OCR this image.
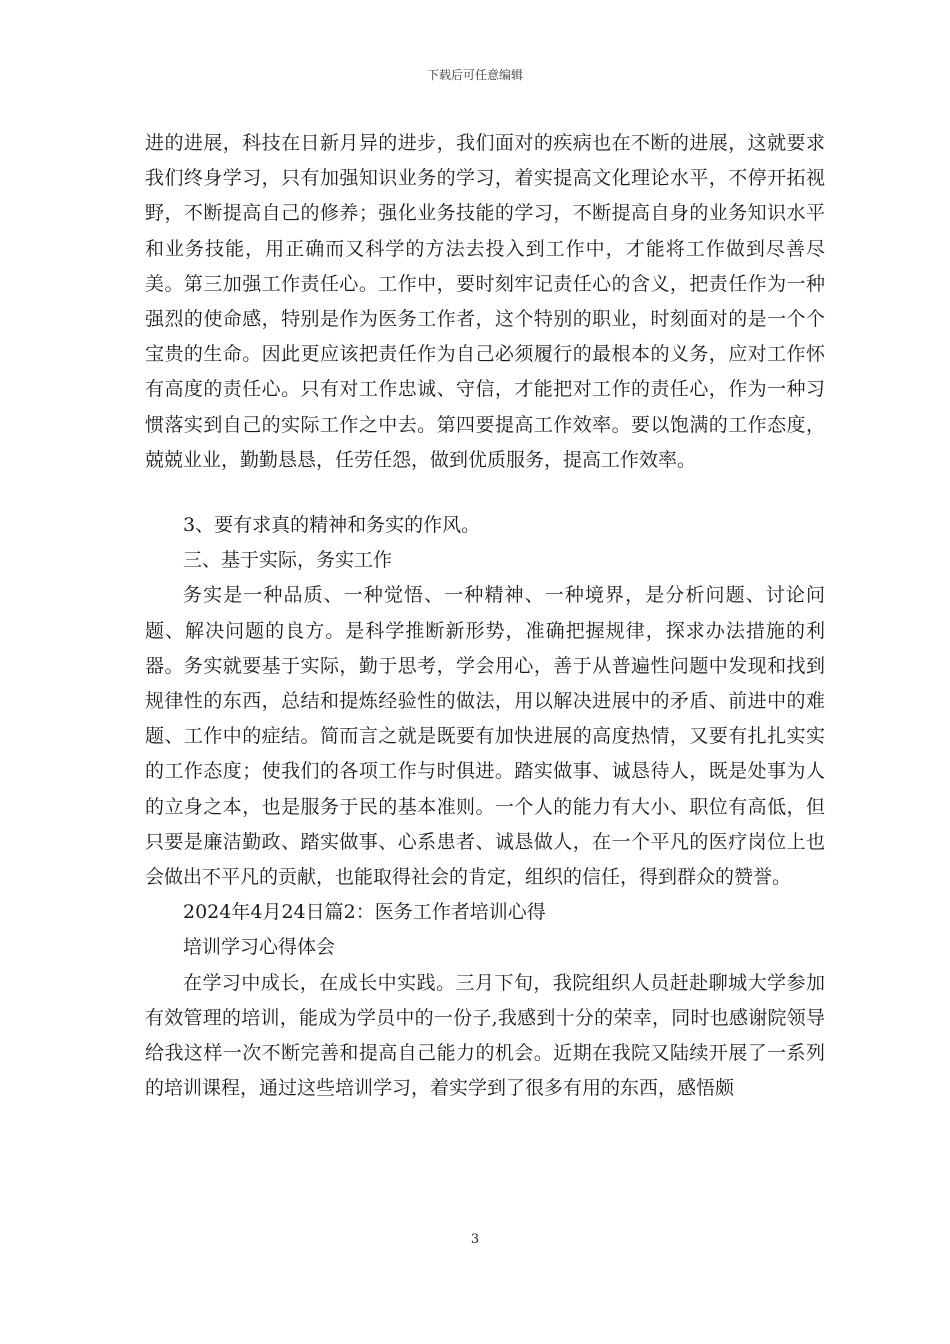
下载后可任意编辑

进的进展，科技在日新月异的进步，我们面对的疾病也在不断的进展，这就要求我们终身学习，只有加强知识业务的学习，着实提高文化理论水平，不停开拓视野，不断提高自己的修养；强化业务技能的学习，不断提高自身的业务知识水平和业务技能，用正确而又科学的方法去投入到工作中，才能将工作做到尽善尽美。第三加强工作责任心。工作中，要时刻牢记责任心的含义，把责任作为一种强烈的使命感，特别是作为医务工作者，这个特别的职业，时刻面对的是一个个宝贵的生命。因此更应该把责任作为自己必须履行的最根本的义务，应对工作怀有高度的责任心。只有对工作忠诚、守信，才能把对工作的责任心，作为一种习惯落实到自己的实际工作之中去。第四要提高工作效率。要以饱满的工作态度，兢兢业业，勤勤恳恳，任劳任怨，做到优质服务，提高工作效率。

3、要有求真的精神和务实的作风。

三、基于实际，务实工作

务实是一种品质、一种觉悟、一种精神、一种境界，是分析问题、讨论问题、解决问题的良方。是科学推断新形势，准确把握规律，探求办法措施的利器。务实就要基于实际，勤于思考，学会用心，善于从普遍性问题中发现和找到规律性的东西，总结和提炼经验性的做法，用以解决进展中的矛盾、前进中的难题、工作中的症结。简而言之就是既要有加快进展的高度热情，又要有扎扎实实的工作态度；使我们的各项工作与时俱进。踏实做事、诚恳待人，既是处事为人的立身之本，也是服务于民的基本准则。一个人的能力有大小、职位有高低，但只要是廉洁勤政、踏实做事、心系患者、诚恳做人，在一个平凡的医疗岗位上也会做出不平凡的贡献，也能取得社会的肯定，组织的信任，得到群众的赞誉。

2024年4月24日篇2：医务工作者培训心得

培训学习心得体会

在学习中成长，在成长中实践。三月下旬，我院组织人员赶赴聊城大学参加有效管理的培训，能成为学员中的一份子,我感到十分的荣幸，同时也感谢院领导给我这样一次不断完善和提高自己能力的机会。近期在我院又陆续开展了一系列的培训课程，通过这些培训学习，着实学到了很多有用的东西，感悟颇

3
